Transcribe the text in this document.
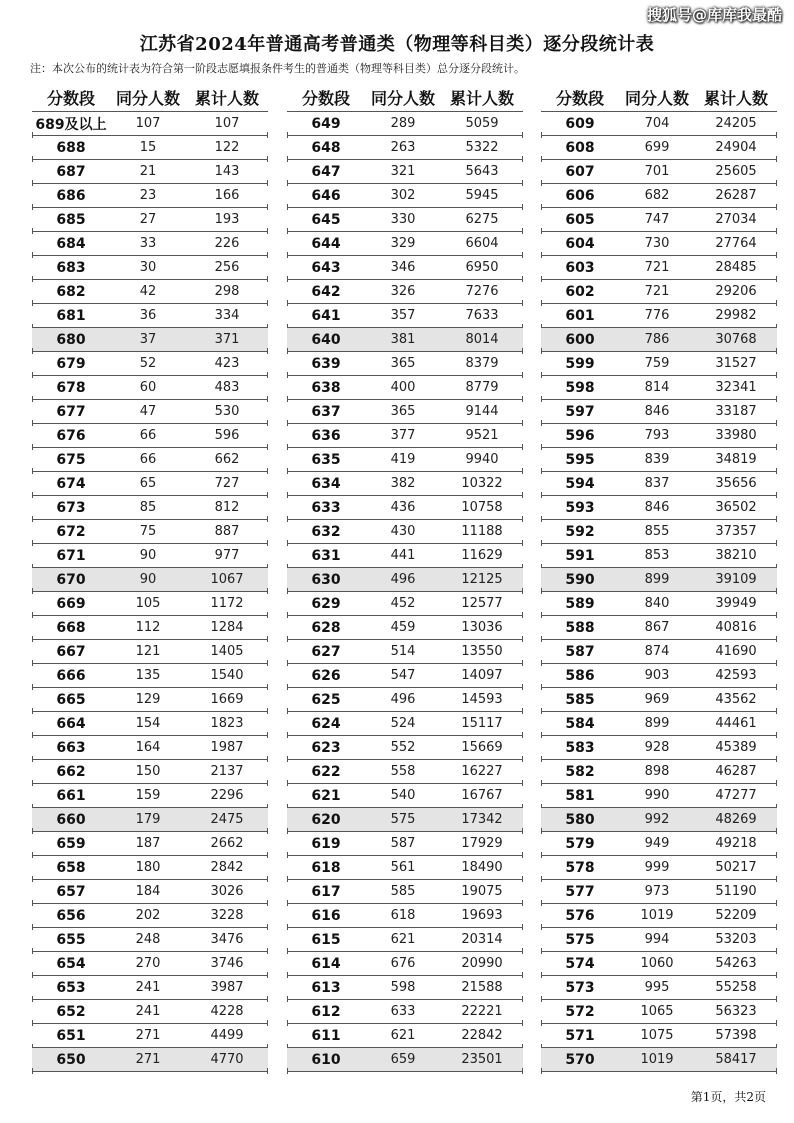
搜狐号@库库我最酷
江苏省2024年普通高考普通类（物理等科目类）逐分段统计表
注：本次公布的统计表为符合第一阶段志愿填报条件考生的普通类（物理等科目类）总分逐分段统计。
分数段	同分人数 累计人数
689及以上	107	107
688	15	122
687	21	143
686	23	166
685	27	193
684	33	226
683	30	256
682	42	298
681	36	334
680	37	371
679	52	423
678	60	483
677	47	530
676	66	596
675	66	662
674	65	727
673	85	812
672	75	887
671	90	977
670	90	1067
669	105	1172
668	112	1284
667	121	1405
666	135	1540
665	129	1669
664	154	1823
663	164	1987
662	150	2137
661	159	2296
660	179	2475
659	187	2662
658	180	2842
657	184	3026
656	202	3228
655	248	3476
654	270	3746
653	241	3987
652	241	4228
651	271	4499
650	271	4770
分数段	同分人数 累计人数
649	289	5059
648	263	5322
647	321	5643
646	302	5945
645	330	6275
644	329	6604
643	346	6950
642	326	7276
641	357	7633
640	381	8014
639	365	8379
638	400	8779
637	365	9144
636	377	9521
635	419	9940
634	382	10322
633	436	10758
632	430	11188
631	441	11629
630	496	12125
629	452	12577
628	459	13036
627	514	13550
626	547	14097
625	496	14593
624	524	15117
623	552	15669
622	558	16227
621	540	16767
620	575	17342
619	587	17929
618	561	18490
617	585	19075
616	618	19693
615	621	20314
614	676	20990
613	598	21588
612	633	22221
611	621	22842
610	659	23501
分数段	同分人数 累计人数
609	704	24205
608	699	24904
607	701	25605
606	682	26287
605	747	27034
604	730	27764
603	721	28485
602	721	29206
601	776	29982
600	786	30768
599	759	31527
598	814	32341
597	846	33187
596	793	33980
595	839	34819
594	837	35656
593	846	36502
592	855	37357
591	853	38210
590	899	39109
589	840	39949
588	867	40816
587	874	41690
586	903	42593
585	969	43562
584	899	44461
583	928	45389
582	898	46287
581	990	47277
580	992	48269
579	949	49218
578	999	50217
577	973	51190
576	1019	52209
575	994	53203
574	1060	54263
573	995	55258
572	1065	56323
571	1075	57398
570	1019	58417
第1页，共2页
